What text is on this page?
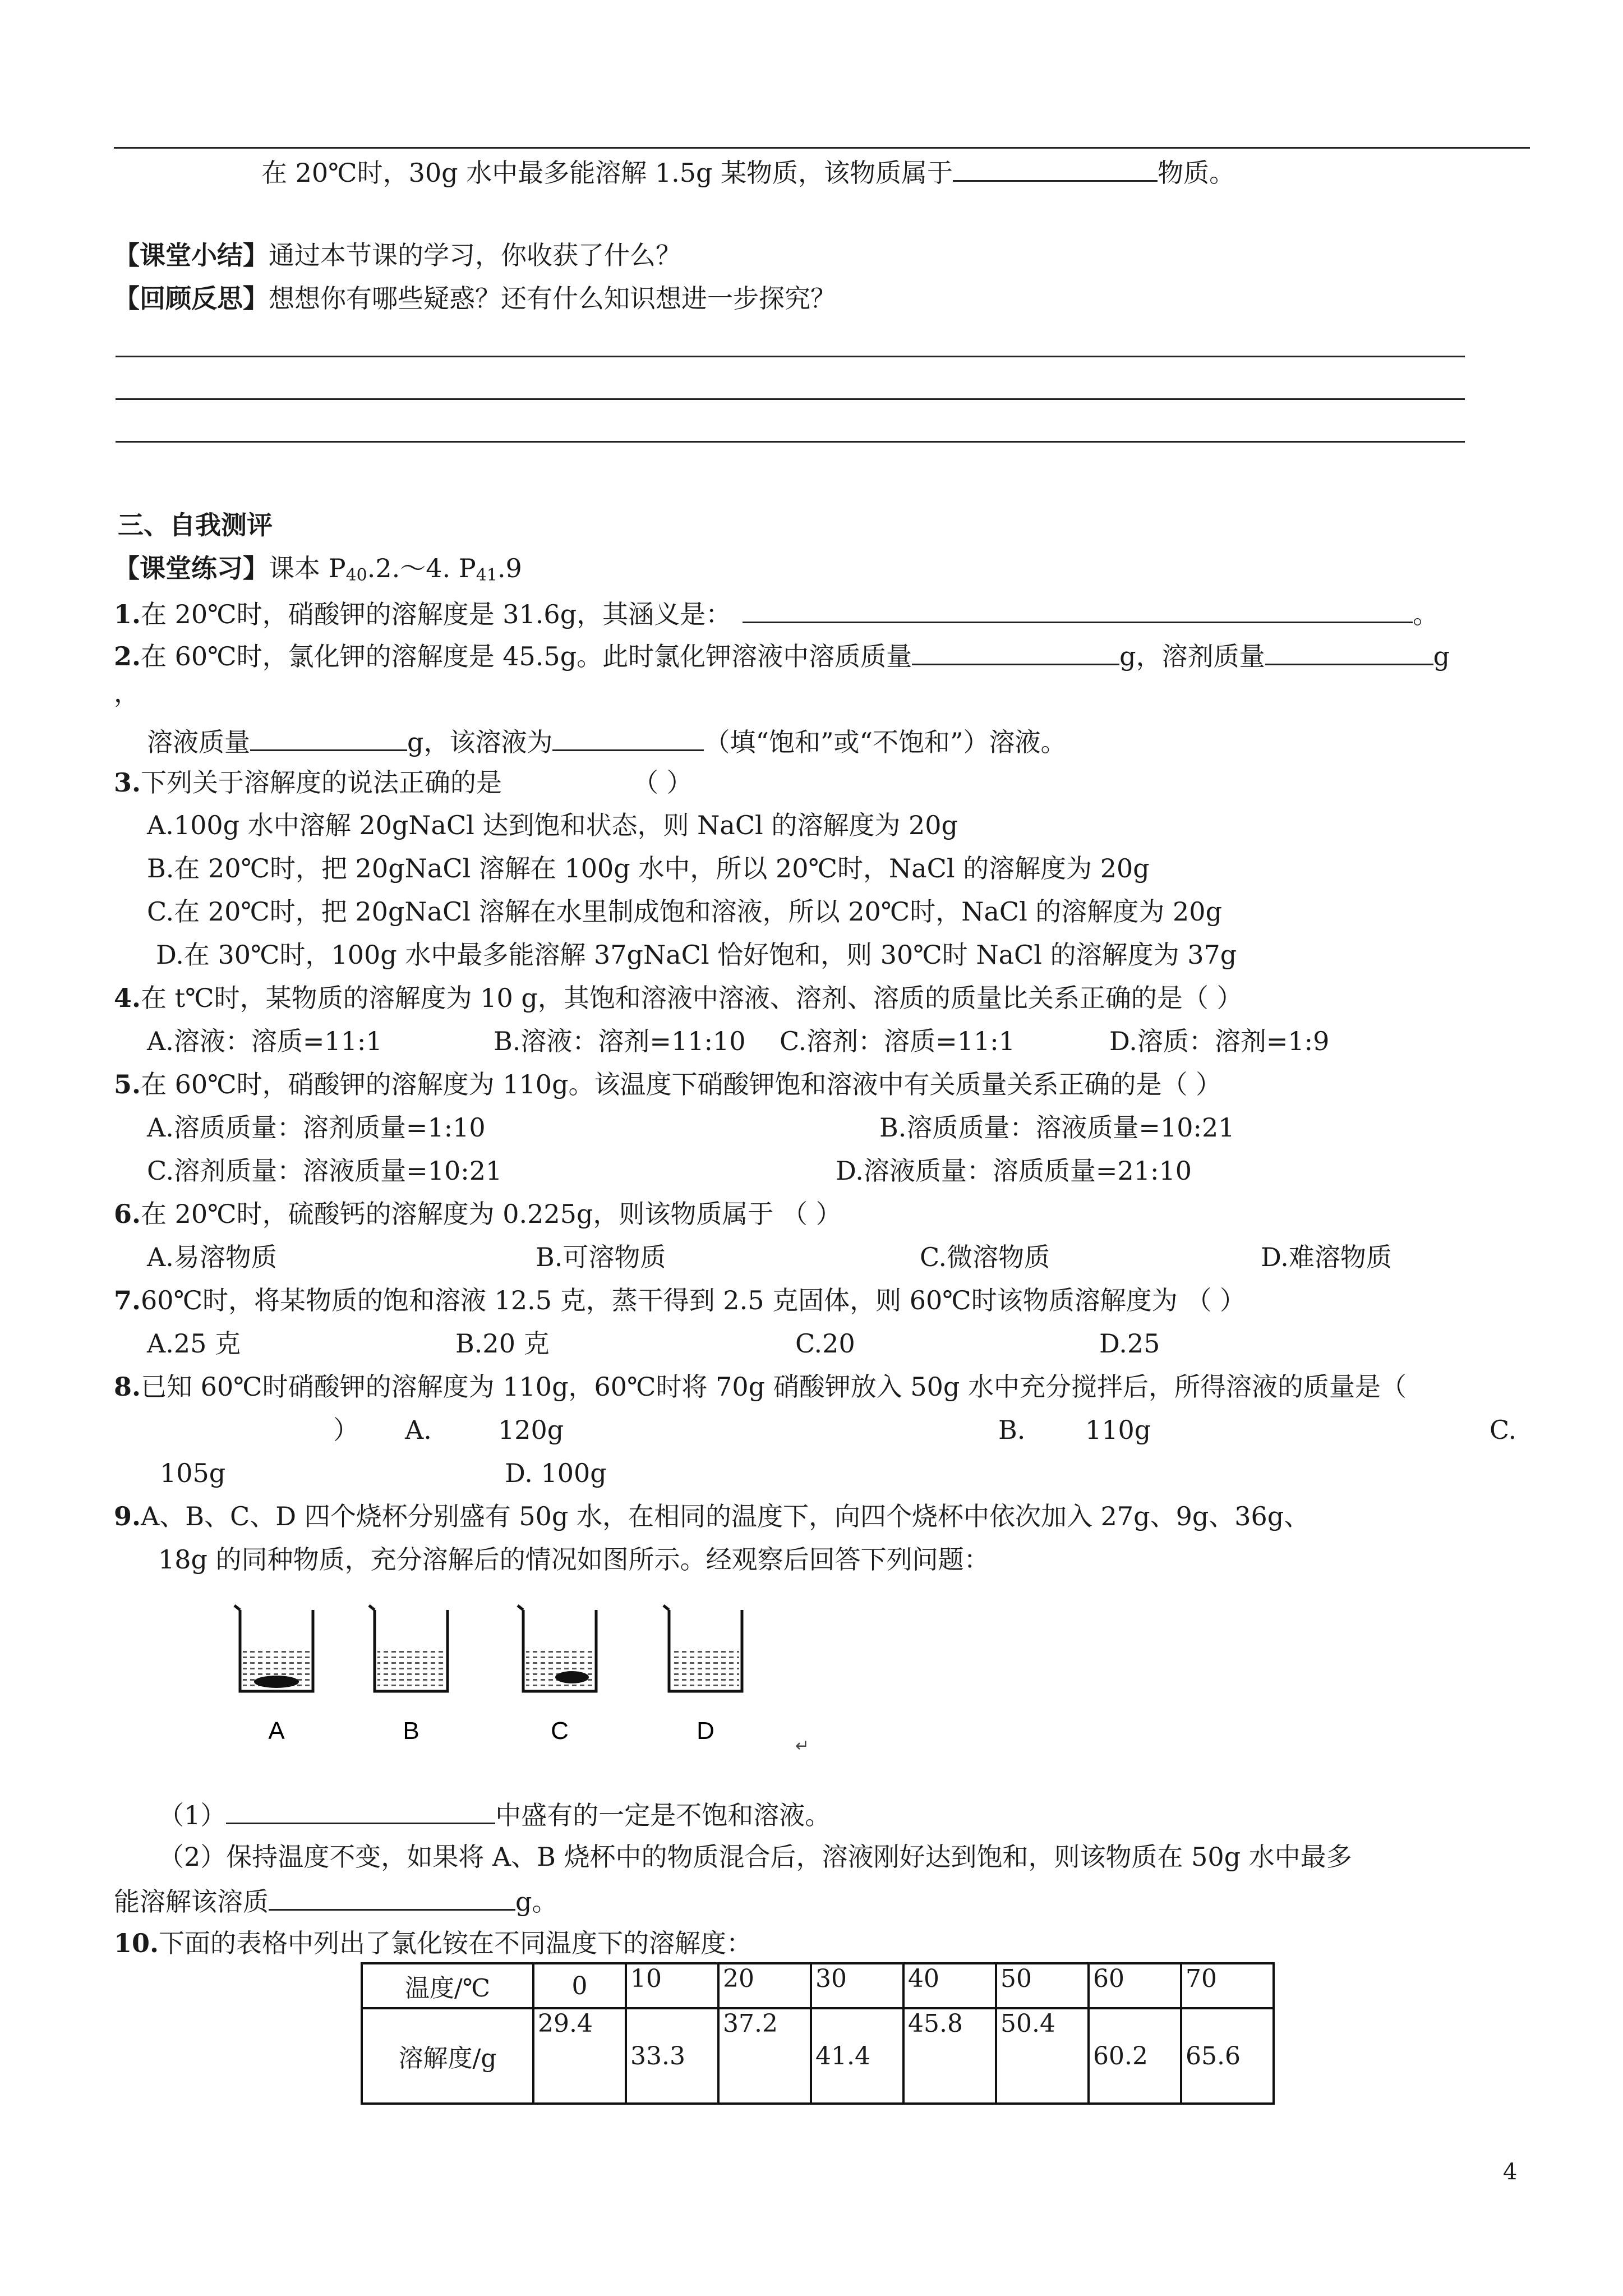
在 20℃时，30g 水中最多能溶解 1.5g 某物质，该物质属于	物质。
【课堂小结】通过本节课的学习，你收获了什么？
【回顾反思】想想你有哪些疑惑？还有什么知识想进一步探究？
三、自我测评
【课堂练习】课本 $P_{40}.2.\sim 4$. $P_{41}.9$
1.在 20℃时，硝酸钾的溶解度是 31.6g，其涵义是：	。
2.在 60℃时，氯化钾的溶解度是 45.5g。此时氯化钾溶液中溶质质量	g，溶剂质量	g
，
溶液质量	g，该溶液为	（填“饱和”或“不饱和”）溶液。
3.下列关于溶解度的说法正确的是	（ ）
A.100g 水中溶解 20gNaCl 达到饱和状态，则 NaCl 的溶解度为 20g
B.在 20℃时，把 20gNaCl 溶解在 100g 水中，所以 20℃时，NaCl 的溶解度为 20g
C.在 20℃时，把 20gNaCl 溶解在水里制成饱和溶液，所以 20℃时，NaCl 的溶解度为 20g
D.在 30℃时，100g 水中最多能溶解 37gNaCl 恰好饱和，则 30℃时 NaCl 的溶解度为 37g
4.在 t℃时，某物质的溶解度为 10 g，其饱和溶液中溶液、溶剂、溶质的质量比关系正确的是（ ）
A.溶液：溶质=11:1	B.溶液：溶剂=11:10 C.溶剂：溶质=11:1	D.溶质：溶剂=1:9
5.在 60℃时，硝酸钾的溶解度为 110g。该温度下硝酸钾饱和溶液中有关质量关系正确的是（ ）
A.溶质质量：溶剂质量=1:10	B.溶质质量：溶液质量=10:21
C.溶剂质量：溶液质量=10:21	D.溶液质量：溶质质量=21:10
6.在 20℃时，硫酸钙的溶解度为 0.225g，则该物质属于 （ ）
A.易溶物质	B.可溶物质	C.微溶物质	D.难溶物质
7.60℃时，将某物质的饱和溶液 12.5 克，蒸干得到 2.5 克固体，则 60℃时该物质溶解度为 （ ）
A.25 克	B.20 克	C.20	D.25
8.已知 60℃时硝酸钾的溶解度为 110g，60℃时将 70g 硝酸钾放入 50g 水中充分搅拌后，所得溶液的质量是（
） A.	120g	B. 110g	C.
105g	D. 100g
9.A、B、C、D 四个烧杯分别盛有 50g 水，在相同的温度下，向四个烧杯中依次加入 27g、9g、36g、
18g 的同种物质，充分溶解后的情况如图所示。经观察后回答下列问题：
A	B	C	D
↵
（1）	中盛有的一定是不饱和溶液。
（2）保持温度不变，如果将 A、B 烧杯中的物质混合后，溶液刚好达到饱和，则该物质在 50g 水中最多
能溶解该溶质	g。
10.下面的表格中列出了氯化铵在不同温度下的溶解度：
温度/℃	0	10	20	30	40	50	60	70
溶解度/g	29.4	33.3	37.2	41.4	45.8	50.4	60.2	65.6
4
